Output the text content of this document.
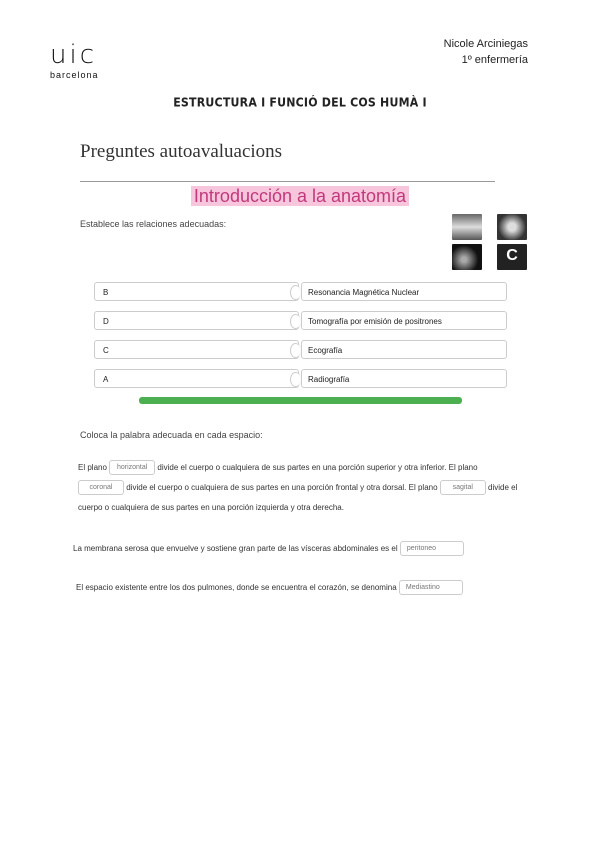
uic
barcelona
Nicole Arciniegas
1º enfermería
ESTRUCTURA I FUNCIÓ DEL COS HUMÀ I
Preguntes autoavaluacions
Introducción a la anatomía
Establece las relaciones adecuadas:
C
B	Resonancia Magnética Nuclear
D	Tomografía por emisión de positrones
C	Ecografía
A	Radiografía
Coloca la palabra adecuada en cada espacio:
El plano horizontal divide el cuerpo o cualquiera de sus partes en una porción superior y otra inferior. El plano coronal divide el cuerpo o cualquiera de sus partes en una porción frontal y otra dorsal. El plano sagital divide el cuerpo o cualquiera de sus partes en una porción izquierda y otra derecha.
La membrana serosa que envuelve y sostiene gran parte de las vísceras abdominales es el peritoneo
El espacio existente entre los dos pulmones, donde se encuentra el corazón, se denomina Mediastino
